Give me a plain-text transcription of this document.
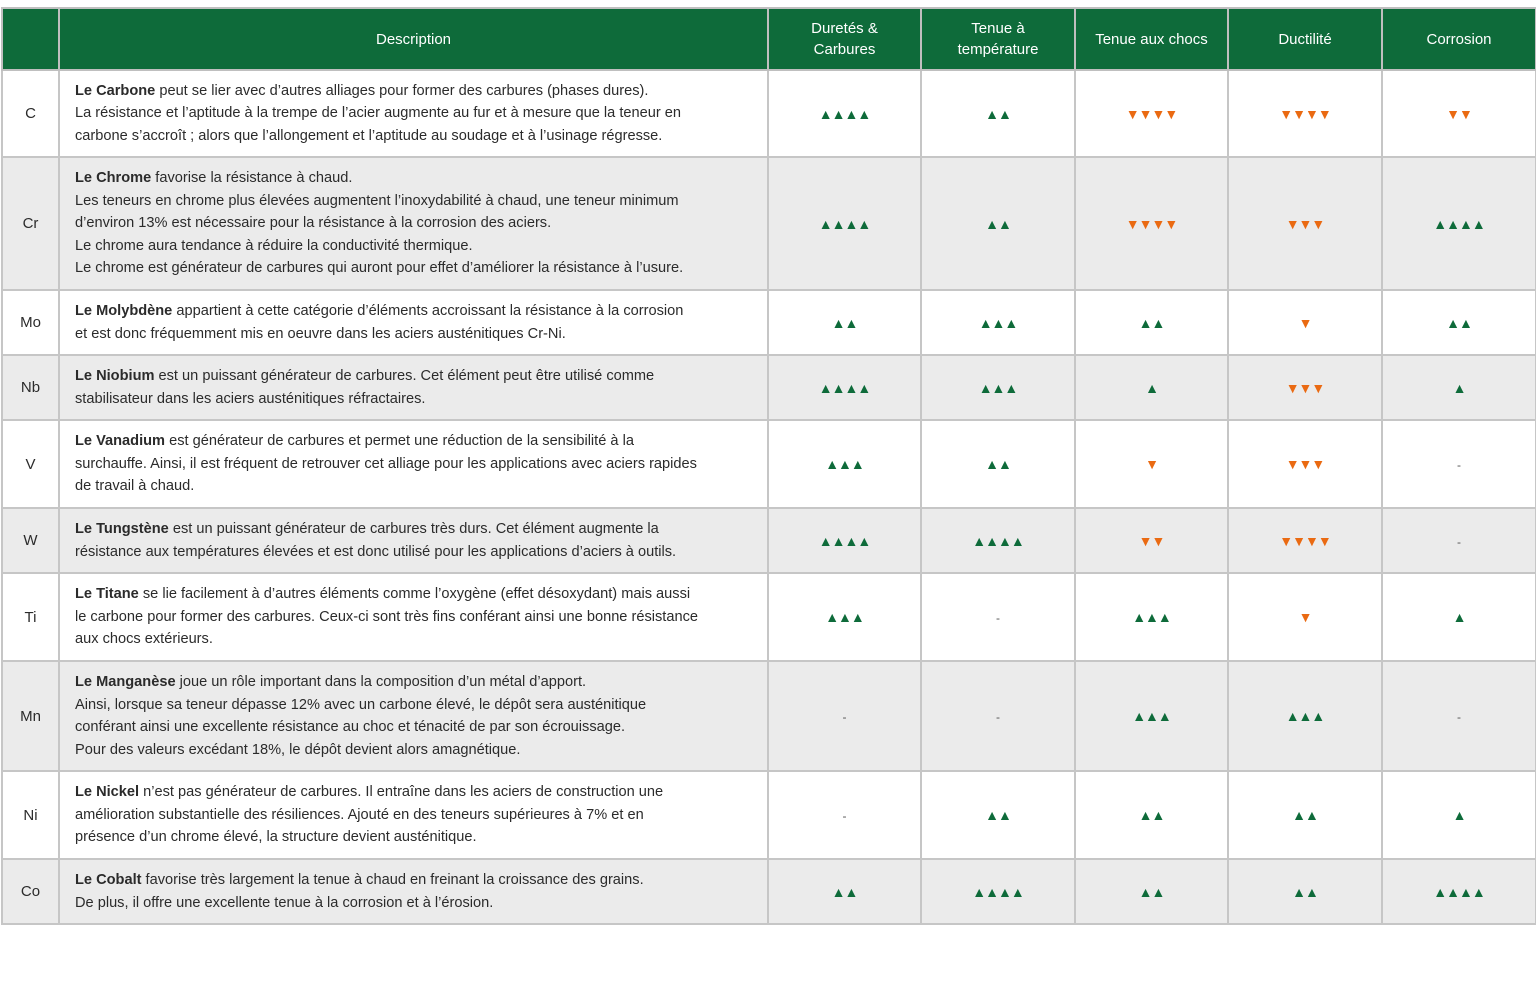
	Description	Duretés & Carbures	Tenue à température	Tenue aux chocs	Ductilité	Corrosion
C	Le Carbone peut se lier avec d’autres alliages pour former des carbures (phases dures).
La résistance et l’aptitude à la trempe de l’acier augmente au fur et à mesure que la teneur en
carbone s’accroît ; alors que l’allongement et l’aptitude au soudage et à l’usinage régresse.	▲▲▲▲	▲▲	▼▼▼▼	▼▼▼▼	▼▼
Cr	Le Chrome favorise la résistance à chaud.
Les teneurs en chrome plus élevées augmentent l’inoxydabilité à chaud, une teneur minimum
d’environ 13% est nécessaire pour la résistance à la corrosion des aciers.
Le chrome aura tendance à réduire la conductivité thermique.
Le chrome est générateur de carbures qui auront pour effet d’améliorer la résistance à l’usure.	▲▲▲▲	▲▲	▼▼▼▼	▼▼▼	▲▲▲▲
Mo	Le Molybdène appartient à cette catégorie d’éléments accroissant la résistance à la corrosion
et est donc fréquemment mis en oeuvre dans les aciers austénitiques Cr-Ni.	▲▲	▲▲▲	▲▲	▼	▲▲
Nb	Le Niobium est un puissant générateur de carbures. Cet élément peut être utilisé comme
stabilisateur dans les aciers austénitiques réfractaires.	▲▲▲▲	▲▲▲	▲	▼▼▼	▲
V	Le Vanadium est générateur de carbures et permet une réduction de la sensibilité à la
surchauffe. Ainsi, il est fréquent de retrouver cet alliage pour les applications avec aciers rapides
de travail à chaud.	▲▲▲	▲▲	▼	▼▼▼	-
W	Le Tungstène est un puissant générateur de carbures très durs. Cet élément augmente la
résistance aux températures élevées et est donc utilisé pour les applications d’aciers à outils.	▲▲▲▲	▲▲▲▲	▼▼	▼▼▼▼	-
Ti	Le Titane se lie facilement à d’autres éléments comme l’oxygène (effet désoxydant) mais aussi
le carbone pour former des carbures. Ceux-ci sont très fins conférant ainsi une bonne résistance
aux chocs extérieurs.	▲▲▲	-	▲▲▲	▼	▲
Mn	Le Manganèse joue un rôle important dans la composition d’un métal d’apport.
Ainsi, lorsque sa teneur dépasse 12% avec un carbone élevé, le dépôt sera austénitique
conférant ainsi une excellente résistance au choc et ténacité de par son écrouissage.
Pour des valeurs excédant 18%, le dépôt devient alors amagnétique.	-	-	▲▲▲	▲▲▲	-
Ni	Le Nickel n’est pas générateur de carbures. Il entraîne dans les aciers de construction une
amélioration substantielle des résiliences. Ajouté en des teneurs supérieures à 7% et en
présence d’un chrome élevé, la structure devient austénitique.	-	▲▲	▲▲	▲▲	▲
Co	Le Cobalt favorise très largement la tenue à chaud en freinant la croissance des grains.
De plus, il offre une excellente tenue à la corrosion et à l’érosion.	▲▲	▲▲▲▲	▲▲	▲▲	▲▲▲▲
